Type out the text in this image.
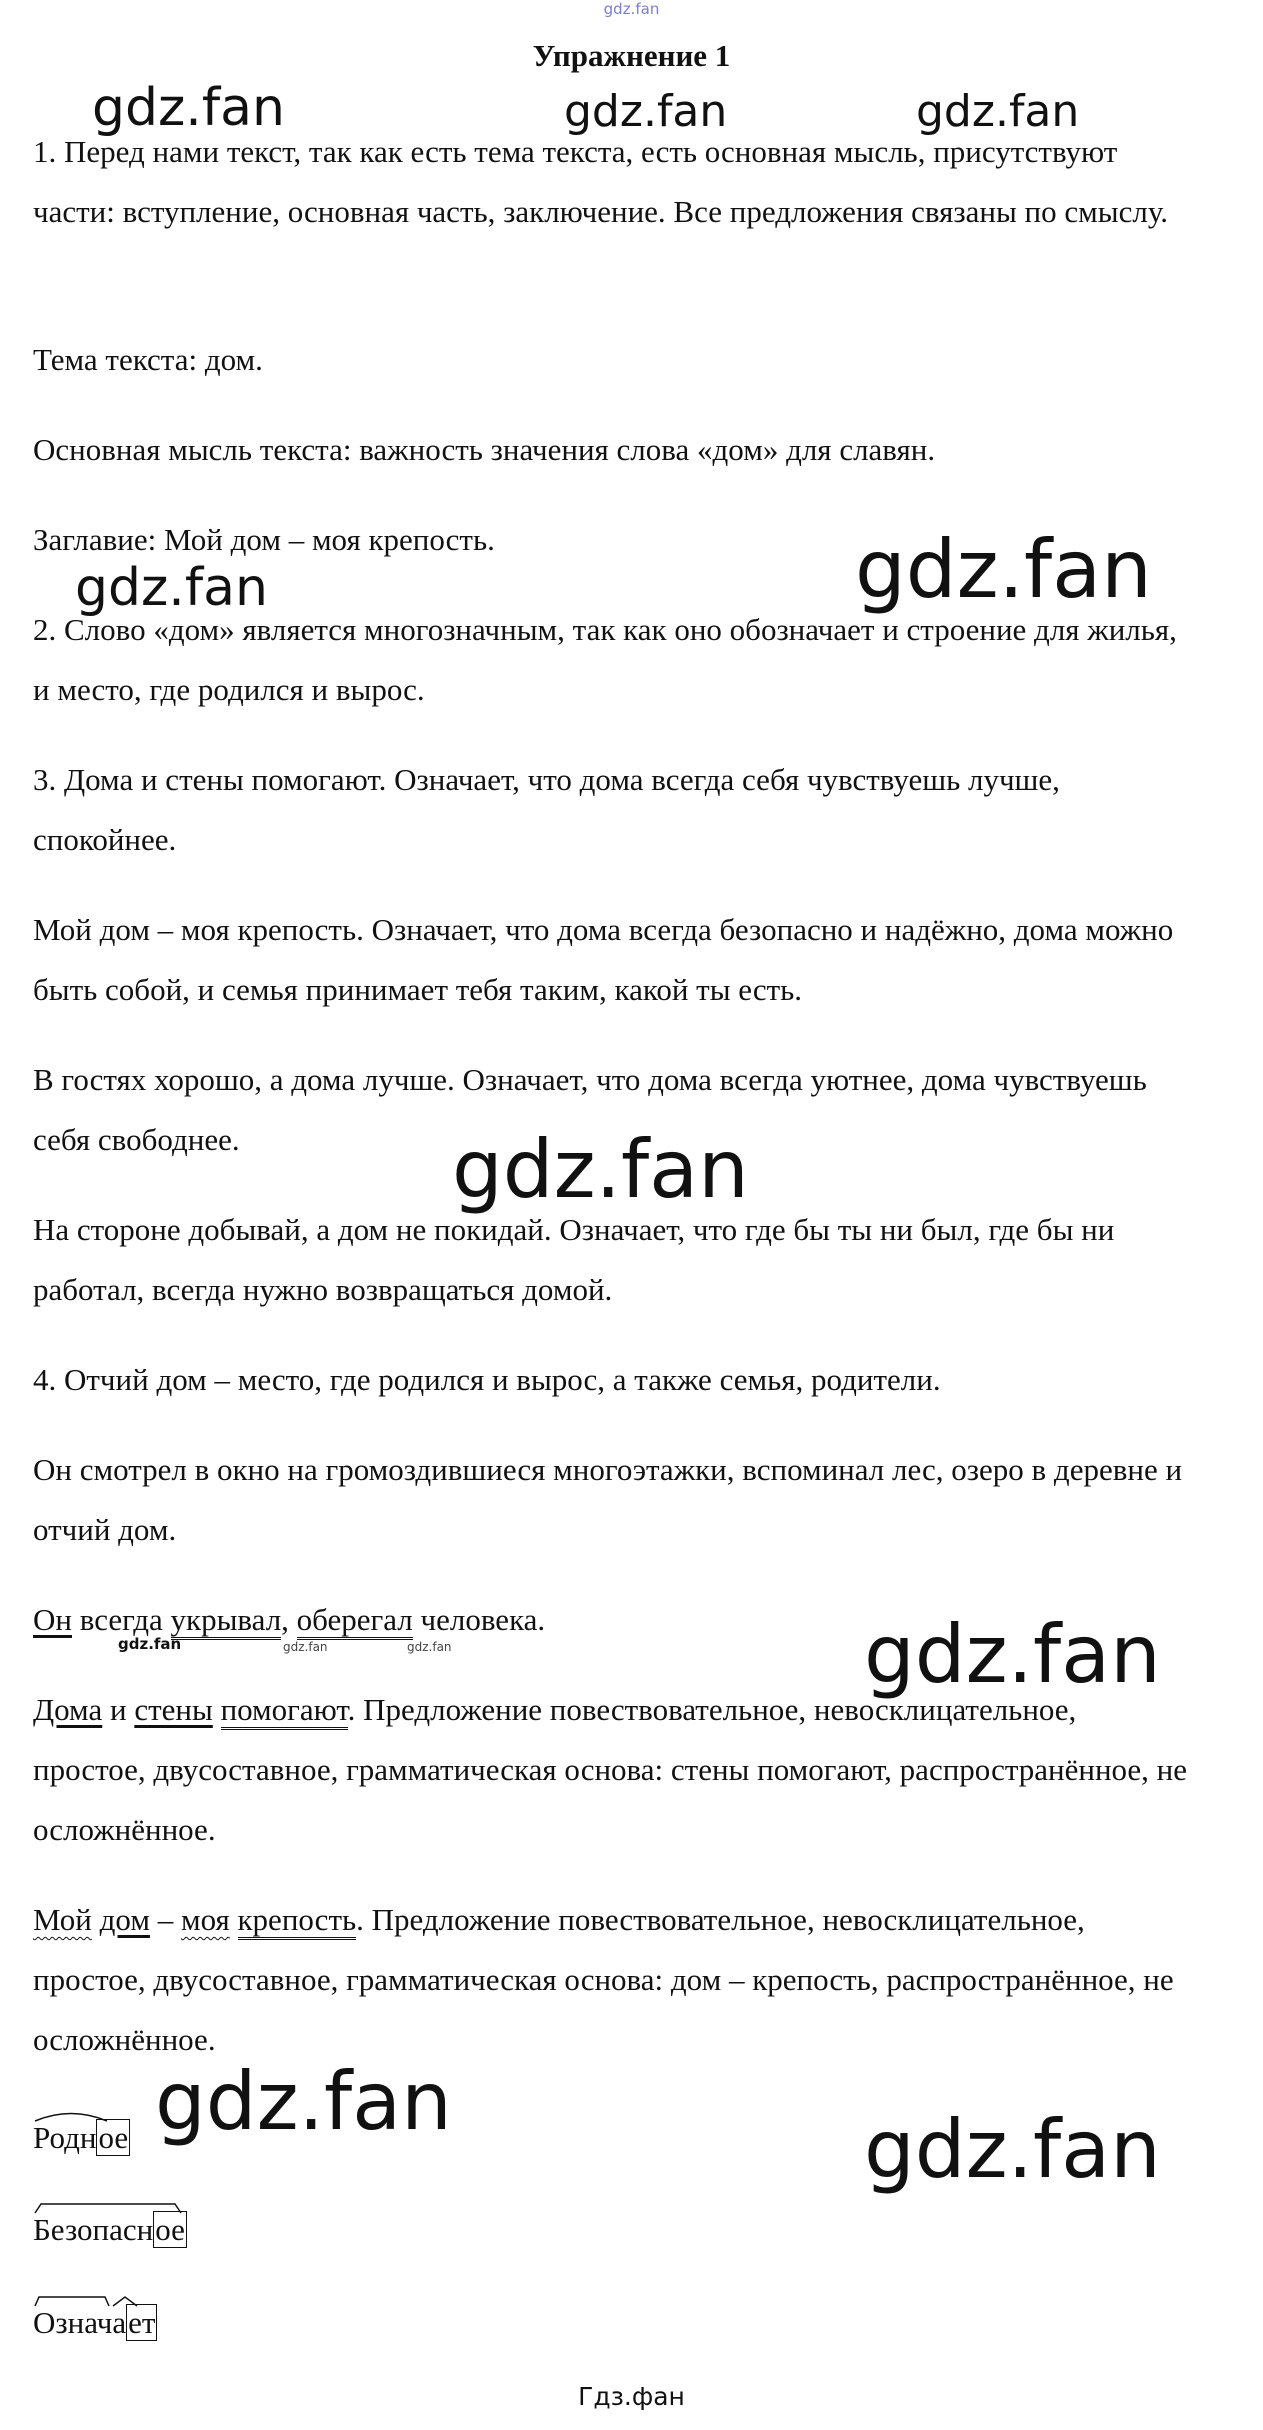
gdz.fan
Упражнение 1
gdz.fan	gdz.fan	gdz.fan
gdz.fan	gdz.fan
gdz.fan
gdz.fan
gdz.fan
gdz.fan
gdz.fan	gdz.fan	gdz.fan

1. Перед нами текст, так как есть тема текста, есть основная мысль, присутствуют части: вступление, основная часть, заключение. Все предложения связаны по смыслу.

Тема текста: дом.

Основная мысль текста: важность значения слова «дом» для славян.

Заглавие: Мой дом – моя крепость.

2. Слово «дом» является многозначным, так как оно обозначает и строение для жилья, и место, где родился и вырос.

3. Дома и стены помогают. Означает, что дома всегда себя чувствуешь лучше, спокойнее.

Мой дом – моя крепость. Означает, что дома всегда безопасно и надёжно, дома можно быть собой, и семья принимает тебя таким, какой ты есть.

В гостях хорошо, а дома лучше. Означает, что дома всегда уютнее, дома чувствуешь себя свободнее.

На стороне добывай, а дом не покидай. Означает, что где бы ты ни был, где бы ни работал, всегда нужно возвращаться домой.

4. Отчий дом – место, где родился и вырос, а также семья, родители.

Он смотрел в окно на громоздившиеся многоэтажки, вспоминал лес, озеро в деревне и отчий дом.

Он всегда укрывал, оберегал человека.

Дома и стены помогают. Предложение повествовательное, невосклицательное, простое, двусоставное, грамматическая основа: стены помогают, распространённое, не осложнённое.

Мой дом – моя крепость. Предложение повествовательное, невосклицательное, простое, двусоставное, грамматическая основа: дом – крепость, распространённое, не осложнённое.

Родное
Безопасное
Означает
Гдз.фан
